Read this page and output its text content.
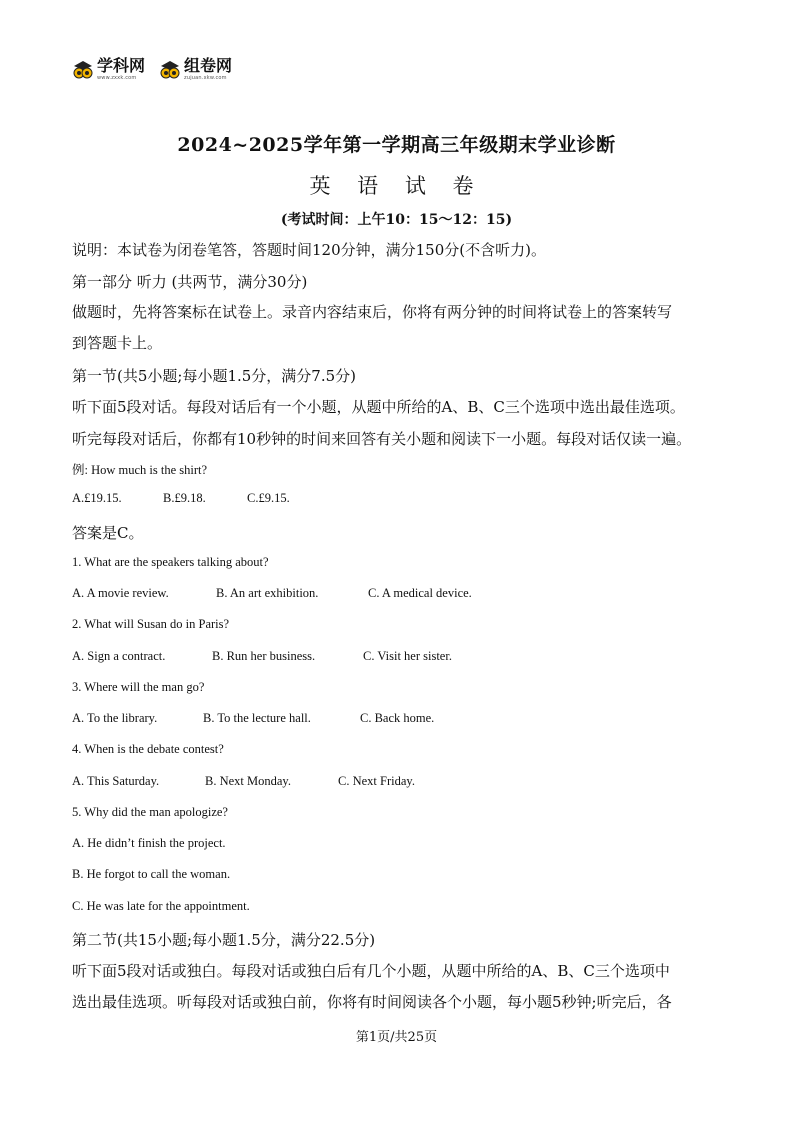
学科网
www.zxxk.com
组卷网
zujuan.xkw.com
2024~2025学年第一学期高三年级期末学业诊断
英 语 试 卷
(考试时间：上午10：15～12：15)
说明：本试卷为闭卷笔答，答题时间120分钟，满分150分(不含听力)。
第一部分 听力 (共两节，满分30分)
做题时，先将答案标在试卷上。录音内容结束后，你将有两分钟的时间将试卷上的答案转写
到答题卡上。
第一节(共5小题;每小题1.5分，满分7.5分)
听下面5段对话。每段对话后有一个小题，从题中所给的A、B、C三个选项中选出最佳选项。
听完每段对话后，你都有10秒钟的时间来回答有关小题和阅读下一小题。每段对话仅读一遍。
例: How much is the shirt?
A.£19.15.	B.£9.18.	C.£9.15.
答案是C。
1. What are the speakers talking about?
A. A movie review.	B. An art exhibition.	C. A medical device.
2. What will Susan do in Paris?
A. Sign a contract.	B. Run her business.	C. Visit her sister.
3. Where will the man go?
A. To the library.	B. To the lecture hall.	C. Back home.
4. When is the debate contest?
A. This Saturday.	B. Next Monday.	C. Next Friday.
5. Why did the man apologize?
A. He didn’t finish the project.
B. He forgot to call the woman.
C. He was late for the appointment.
第二节(共15小题;每小题1.5分，满分22.5分)
听下面5段对话或独白。每段对话或独白后有几个小题，从题中所给的A、B、C三个选项中
选出最佳选项。听每段对话或独白前，你将有时间阅读各个小题，每小题5秒钟;听完后，各
第1页/共25页
